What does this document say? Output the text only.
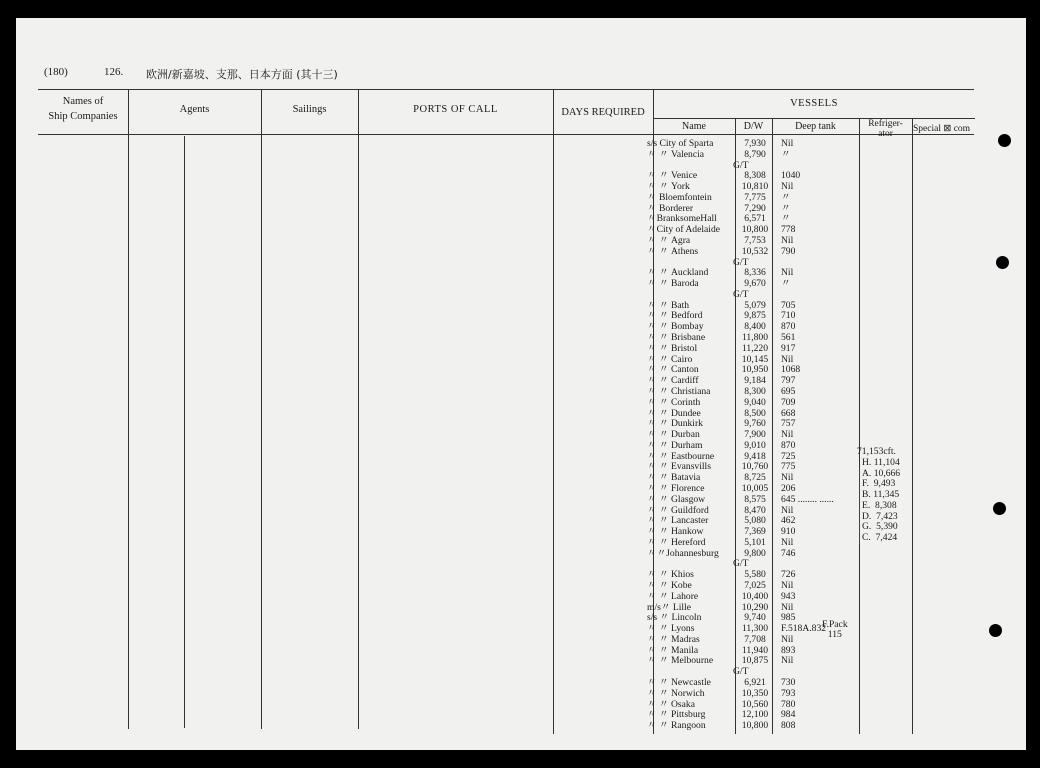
(180)	126. 欧洲/新嘉坡、支那、日本方面 (其十三)
Names of
Ship Companies
Agents	Sailings	PORTS OF CALL	DAYS REQUIRED
VESSELS
Name	D/W	Deep tank	Refriger-
ator	Special ⊠ com
s/s City of Sparta	7,930	Nil
〃 〃 Valencia	8,790	〃
G/T
〃 〃 Venice	8,308	1040
〃 〃 York	10,810	Nil
〃 Bloemfontein	7,775	〃
〃 Borderer	7,290	〃
〃BranksomeHall	6,571	〃
〃City of Adelaide	10,800	778
〃 〃 Agra	7,753	Nil
〃 〃 Athens	10,532	790
G/T
〃 〃 Auckland	8,336	Nil
〃 〃 Baroda	9,670	〃
G/T
〃 〃 Bath	5,079	705
〃 〃 Bedford	9,875	710
〃 〃 Bombay	8,400	870
〃 〃 Brisbane	11,800	561
〃 〃 Bristol	11,220	917
〃 〃 Cairo	10,145	Nil
〃 〃 Canton	10,950	1068
〃 〃 Cardiff	9,184	797
〃 〃 Christiana	8,300	695
〃 〃 Corinth	9,040	709
〃 〃 Dundee	8,500	668
〃 〃 Dunkirk	9,760	757
〃 〃 Durban	7,900	Nil
〃 〃 Durham	9,010	870
〃 〃 Eastbourne	9,418	725
〃 〃 Evansvills	10,760	775
〃 〃 Batavia	8,725	Nil
〃 〃 Florence	10,005	206
〃 〃 Glasgow	8,575	645 ........ ......
〃 〃 Guildford	8,470	Nil
〃 〃 Lancaster	5,080	462
〃 〃 Hankow	7,369	910
〃 〃 Hereford	5,101	Nil
〃〃Johannesburg	9,800	746
G/T
〃 〃 Khios	5,580	726
〃 〃 Kobe	7,025	Nil
〃 〃 Lahore	10,400	943
m/s〃 Lille	10,290	Nil
s/s 〃 Lincoln	9,740	985
〃 〃 Lyons	11,300	F.518A.832
〃 〃 Madras	7,708	Nil
〃 〃 Manila	11,940	893
〃 〃 Melbourne	10,875	Nil
G/T
〃 〃 Newcastle	6,921	730
〃 〃 Norwich	10,350	793
〃 〃 Osaka	10,560	780
〃 〃 Pittsburg	12,100	984
〃 〃 Rangoon	10,800	808
F.Pack
115
71,153cft.
H. 11,104
A. 10,666
F.  9,493
B. 11,345
E.  8,308
D.  7,423
G.  5,390
C.  7,424
